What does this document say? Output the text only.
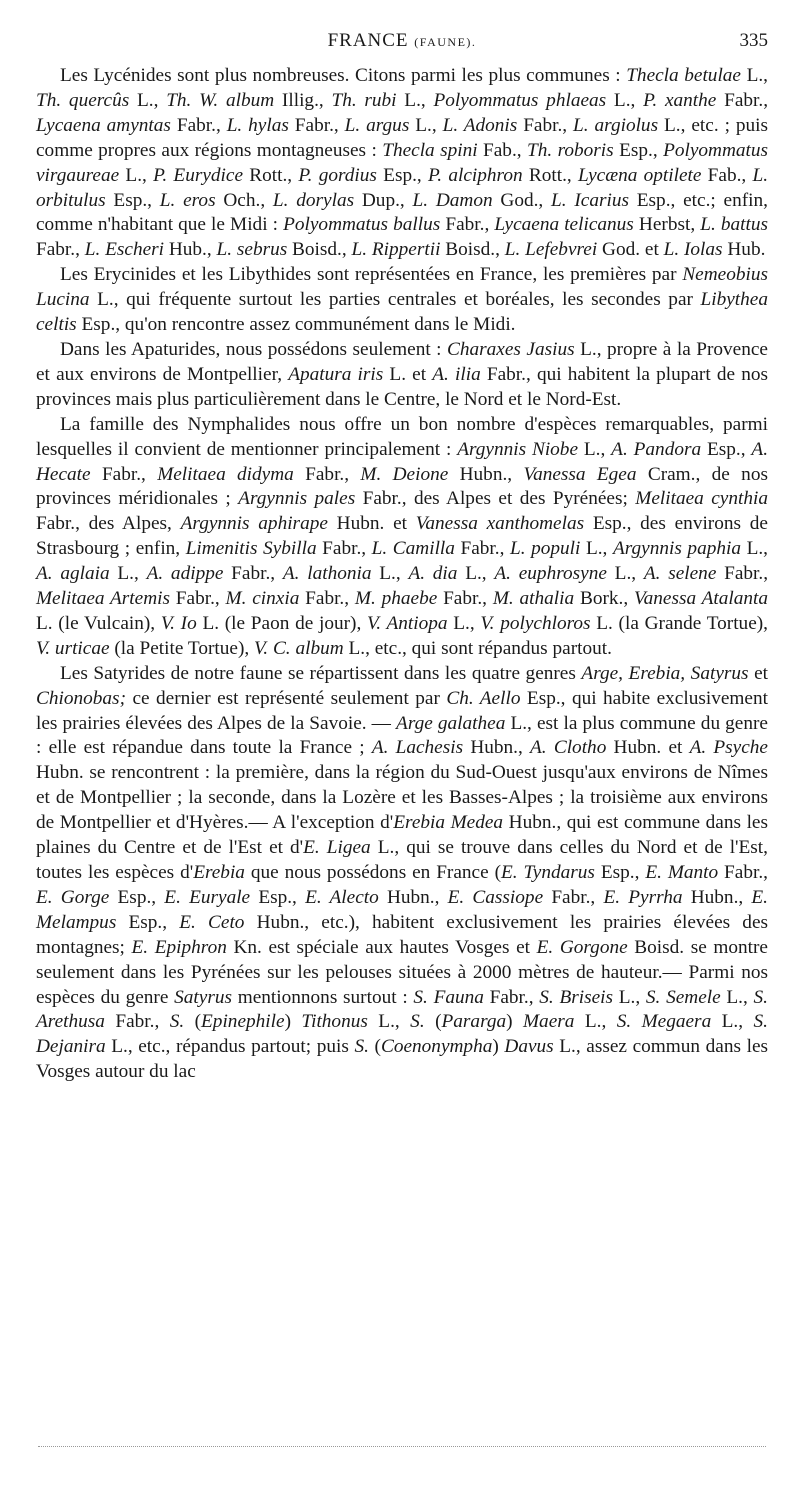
FRANCE (FAUNE).	335

Les Lycénides sont plus nombreuses. Citons parmi les plus communes : Thecla betulae L., Th. quercûs L., Th. W. album Illig., Th. rubi L., Polyommatus phlaeas L., P. xanthe Fabr., Lycaena amyntas Fabr., L. hylas Fabr., L. argus L., L. Adonis Fabr., L. argiolus L., etc. ; puis comme propres aux régions montagneuses : Thecla spini Fab., Th. roboris Esp., Polyommatus virgaureae L., P. Eurydice Rott., P. gordius Esp., P. alciphron Rott., Lycæna optilete Fab., L. orbitulus Esp., L. eros Och., L. dorylas Dup., L. Damon God., L. Icarius Esp., etc.; enfin, comme n'habitant que le Midi : Polyommatus ballus Fabr., Lycaena telicanus Herbst, L. battus Fabr., L. Escheri Hub., L. sebrus Boisd., L. Rippertii Boisd., L. Lefebvrei God. et L. Iolas Hub.

Les Erycinides et les Libythides sont représentées en France, les premières par Nemeobius Lucina L., qui fréquente surtout les parties centrales et boréales, les secondes par Libythea celtis Esp., qu'on rencontre assez communément dans le Midi.

Dans les Apaturides, nous possédons seulement : Charaxes Jasius L., propre à la Provence et aux environs de Montpellier, Apatura iris L. et A. ilia Fabr., qui habitent la plupart de nos provinces mais plus particulièrement dans le Centre, le Nord et le Nord-Est.

La famille des Nymphalides nous offre un bon nombre d'espèces remarquables, parmi lesquelles il convient de mentionner principalement : Argynnis Niobe L., A. Pandora Esp., A. Hecate Fabr., Melitaea didyma Fabr., M. Deione Hubn., Vanessa Egea Cram., de nos provinces méridionales ; Argynnis pales Fabr., des Alpes et des Pyrénées; Melitaea cynthia Fabr., des Alpes, Argynnis aphirape Hubn. et Vanessa xanthomelas Esp., des environs de Strasbourg ; enfin, Limenitis Sybilla Fabr., L. Camilla Fabr., L. populi L., Argynnis paphia L., A. aglaia L., A. adippe Fabr., A. lathonia L., A. dia L., A. euphrosyne L., A. selene Fabr., Melitaea Artemis Fabr., M. cinxia Fabr., M. phaebe Fabr., M. athalia Bork., Vanessa Atalanta L. (le Vulcain), V. Io L. (le Paon de jour), V. Antiopa L., V. polychloros L. (la Grande Tortue), V. urticae (la Petite Tortue), V. C. album L., etc., qui sont répandus partout.

Les Satyrides de notre faune se répartissent dans les quatre genres Arge, Erebia, Satyrus et Chionobas; ce dernier est représenté seulement par Ch. Aello Esp., qui habite exclusivement les prairies élevées des Alpes de la Savoie. — Arge galathea L., est la plus commune du genre : elle est répandue dans toute la France ; A. Lachesis Hubn., A. Clotho Hubn. et A. Psyche Hubn. se rencontrent : la première, dans la région du Sud-Ouest jusqu'aux environs de Nîmes et de Montpellier ; la seconde, dans la Lozère et les Basses-Alpes ; la troisième aux environs de Montpellier et d'Hyères.— A l'exception d'Erebia Medea Hubn., qui est commune dans les plaines du Centre et de l'Est et d'E. Ligea L., qui se trouve dans celles du Nord et de l'Est, toutes les espèces d'Erebia que nous possédons en France (E. Tyndarus Esp., E. Manto Fabr., E. Gorge Esp., E. Euryale Esp., E. Alecto Hubn., E. Cassiope Fabr., E. Pyrrha Hubn., E. Melampus Esp., E. Ceto Hubn., etc.), habitent exclusivement les prairies élevées des montagnes; E. Epiphron Kn. est spéciale aux hautes Vosges et E. Gorgone Boisd. se montre seulement dans les Pyrénées sur les pelouses situées à 2000 mètres de hauteur.— Parmi nos espèces du genre Satyrus mentionnons surtout : S. Fauna Fabr., S. Briseis L., S. Semele L., S. Arethusa Fabr., S. (Epinephile) Tithonus L., S. (Pararga) Maera L., S. Megaera L., S. Dejanira L., etc., répandus partout; puis S. (Coenonympha) Davus L., assez commun dans les Vosges autour du lac
